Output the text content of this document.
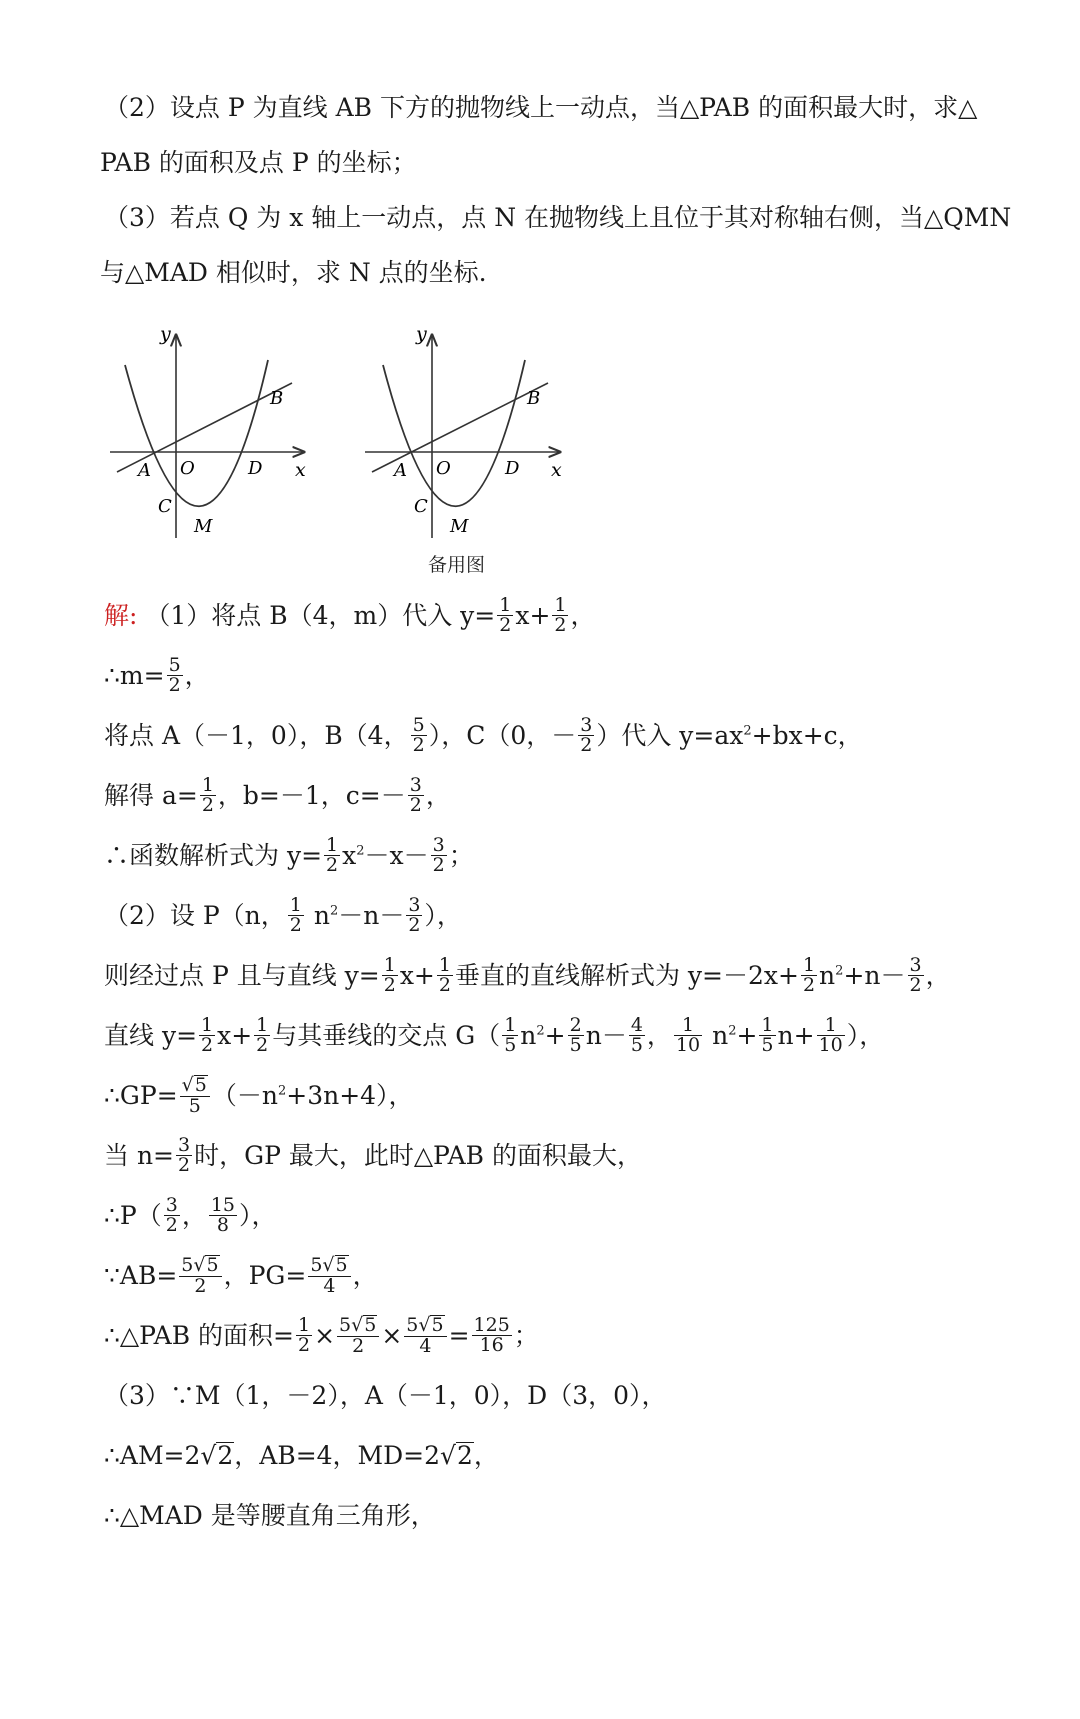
（2）设点 P 为直线 AB 下方的抛物线上一动点，当△PAB 的面积最大时，求△
PAB 的面积及点 P 的坐标；
（3）若点 Q 为 x 轴上一动点，点 N 在抛物线上且位于其对称轴右侧，当△QMN
与△MAD 相似时，求 N 点的坐标.
y
x
A O	D
B
C
M
y
x
A O	D
B
C
M
备用图
解: （1）将点 B（4，m）代入 $y= \frac{1}{2} x+ \frac{1}{2}$ ，
∴m= $\frac{5}{2}$ ，
将点 A（－1，0），B（4， $\frac{5}{2}$ ），C（0，－ $\frac{3}{2}$ ）代入 $y=ax^2+bx+c$，
解得 $a= \frac{1}{2}$ ，b=－1，$c=- \frac{3}{2}$ ，
∴函数解析式为 $y= \frac{1}{2} x^2-x- \frac{3}{2}$ ；
（2）设 P（n， $\frac{1}{2} n^2-n- \frac{3}{2}$ ），
则经过点 P 且与直线 $y= \frac{1}{2} x+ \frac{1}{2}$ 垂直的直线解析式为 $y=-2x+ \frac{1}{2} n^2+n- \frac{3}{2}$ ，
直线 $y= \frac{1}{2} x+ \frac{1}{2}$ 与其垂线的交点 $G( \frac{1}{5} n^2+ \frac{2}{5} n- \frac{4}{5}$ ， $\frac{1}{10} n^2+ \frac{1}{5} n+ \frac{1}{10}$ ），
∴GP= $\frac{√5}{5} (-n^2+3n+4)$，
当 $n= \frac{3}{2}$ 时，GP 最大，此时△PAB 的面积最大，
∴P（ $\frac{3}{2}$ ， $\frac{15}{8}$ ），
∵AB= $\frac{5√5}{2}$ ，$PG= \frac{5√5}{4}$ ，
∴△PAB 的面积= $\frac{1}{2} \times \frac{5√5}{2} \times \frac{5√5}{4} = \frac{125}{16}$ ；
（3）∵M（1，－2），A（－1，0），D（3，0），
∴AM=2√2，AB=4，MD=2√2，
∴△MAD 是等腰直角三角形，
